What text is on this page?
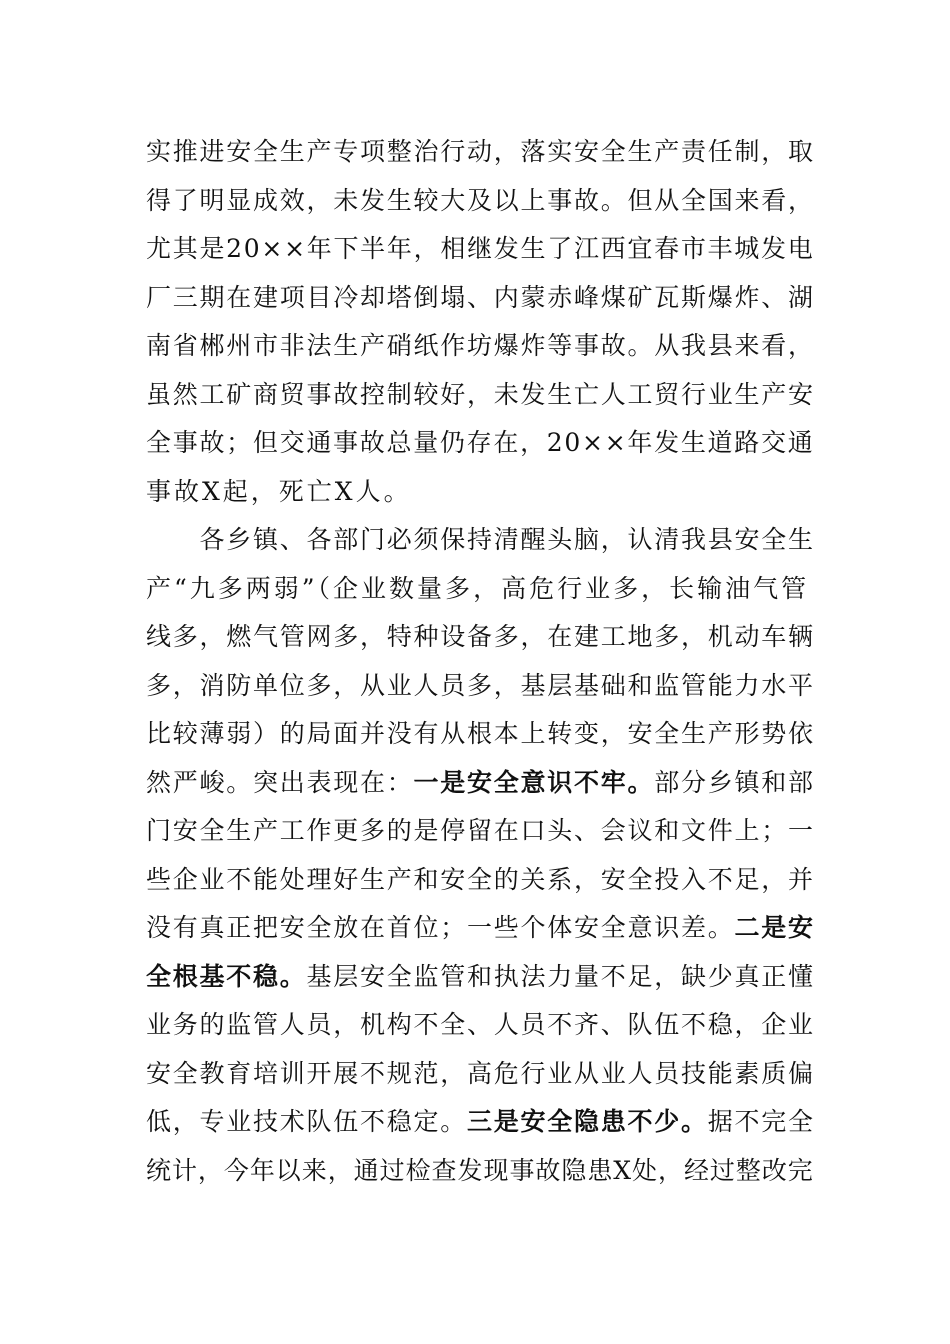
实推进安全生产专项整治行动，落实安全生产责任制，取
得了明显成效，未发生较大及以上事故。但从全国来看，
尤其是20××年下半年，相继发生了江西宜春市丰城发电
厂三期在建项目冷却塔倒塌、内蒙赤峰煤矿瓦斯爆炸、湖
南省郴州市非法生产硝纸作坊爆炸等事故。从我县来看，
虽然工矿商贸事故控制较好，未发生亡人工贸行业生产安
全事故；但交通事故总量仍存在，20××年发生道路交通
事故X起，死亡X人。
　　各乡镇、各部门必须保持清醒头脑，认清我县安全生
产“九多两弱”（企业数量多，高危行业多，长输油气管
线多，燃气管网多，特种设备多，在建工地多，机动车辆
多，消防单位多，从业人员多，基层基础和监管能力水平
比较薄弱）的局面并没有从根本上转变，安全生产形势依
然严峻。突出表现在：一是安全意识不牢。部分乡镇和部
门安全生产工作更多的是停留在口头、会议和文件上；一
些企业不能处理好生产和安全的关系，安全投入不足，并
没有真正把安全放在首位；一些个体安全意识差。二是安
全根基不稳。基层安全监管和执法力量不足，缺少真正懂
业务的监管人员，机构不全、人员不齐、队伍不稳，企业
安全教育培训开展不规范，高危行业从业人员技能素质偏
低，专业技术队伍不稳定。三是安全隐患不少。据不完全
统计，今年以来，通过检查发现事故隐患X处，经过整改完
